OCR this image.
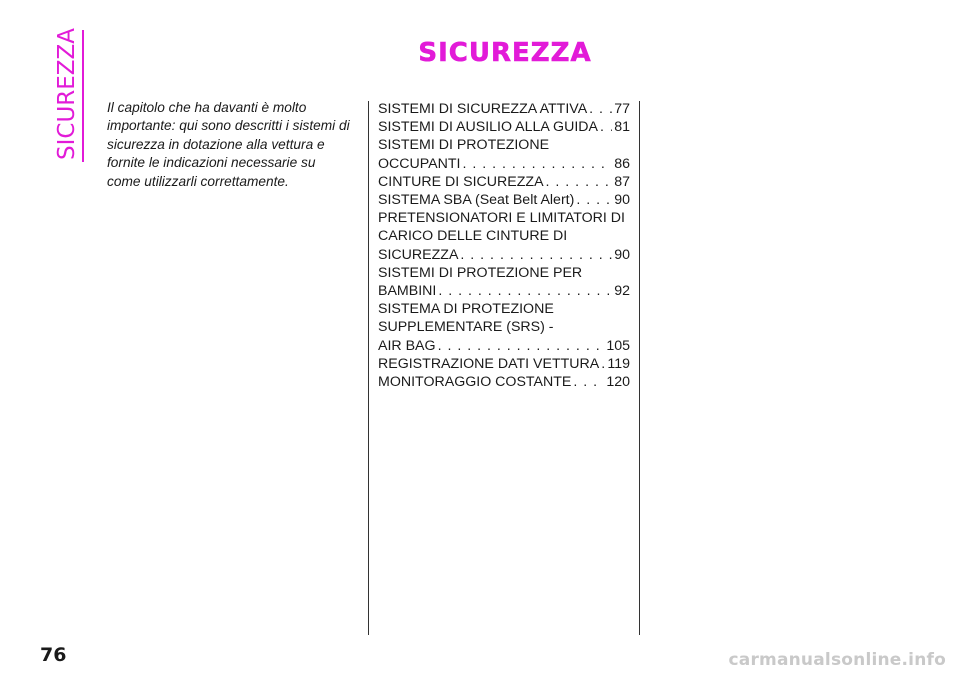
SICUREZZA	SICUREZZA

Il capitolo che ha davanti è molto importante: qui sono descritti i sistemi di sicurezza in dotazione alla vettura e fornite le indicazioni necessarie su come utilizzarli correttamente.

SISTEMI DI SICUREZZA ATTIVA . . . 77
SISTEMI DI AUSILIO ALLA GUIDA . . . 81
SISTEMI DI PROTEZIONE
OCCUPANTI . . .	86
CINTURE DI SICUREZZA . . .	87
SISTEMA SBA (Seat Belt Alert) . . .	90
PRETENSIONATORI E LIMITATORI DI
CARICO DELLE CINTURE DI
SICUREZZA . . .	90
SISTEMI DI PROTEZIONE PER
BAMBINI . . .	92
SISTEMA DI PROTEZIONE
SUPPLEMENTARE (SRS) -
AIR BAG . . .	105
REGISTRAZIONE DATI VETTURA . . . 119
MONITORAGGIO COSTANTE . . . 120
76	carmanualsonline.info
